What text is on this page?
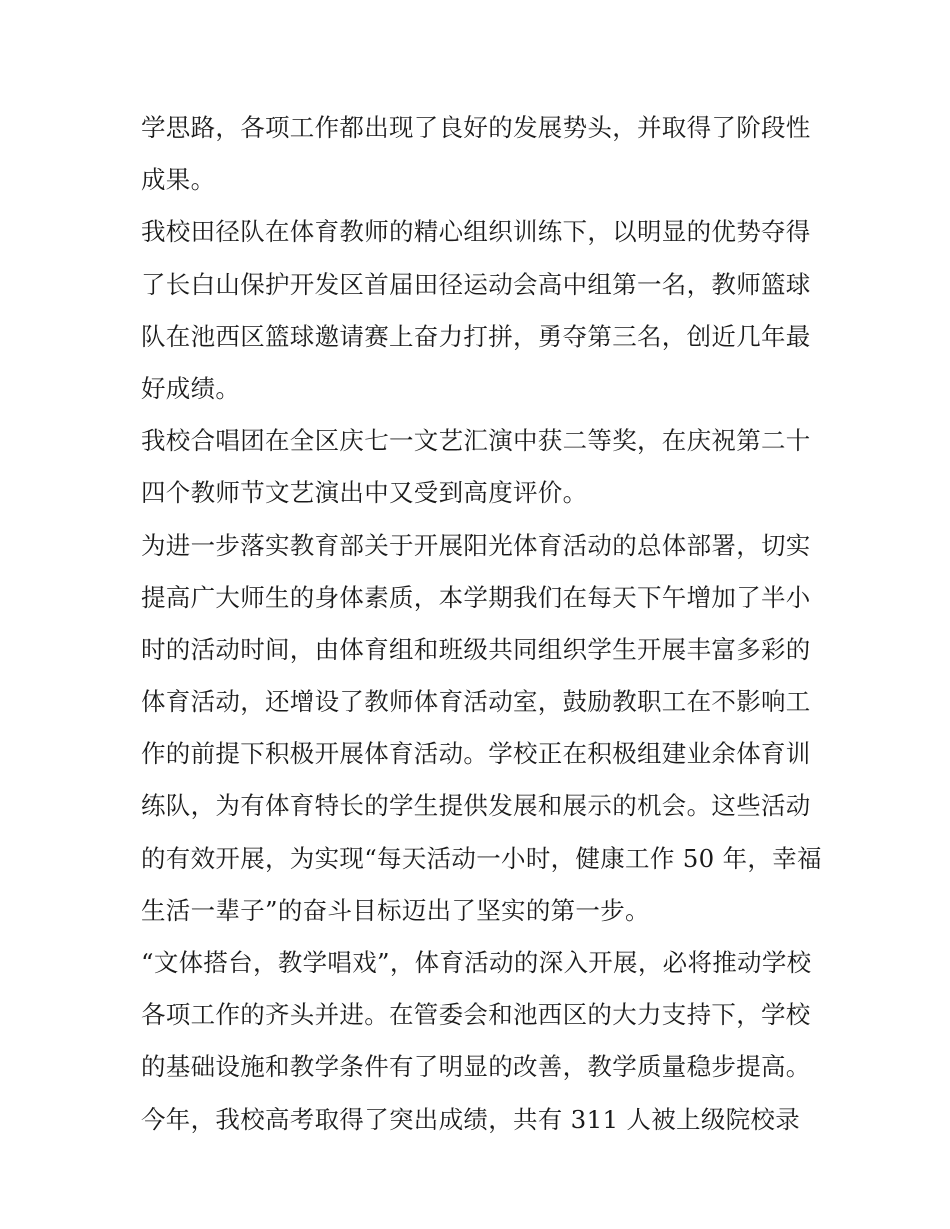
学思路，各项工作都出现了良好的发展势头，并取得了阶段性
成果。
我校田径队在体育教师的精心组织训练下，以明显的优势夺得
了长白山保护开发区首届田径运动会高中组第一名，教师篮球
队在池西区篮球邀请赛上奋力打拼，勇夺第三名，创近几年最
好成绩。
我校合唱团在全区庆七一文艺汇演中获二等奖，在庆祝第二十
四个教师节文艺演出中又受到高度评价。
为进一步落实教育部关于开展阳光体育活动的总体部署，切实
提高广大师生的身体素质，本学期我们在每天下午增加了半小
时的活动时间，由体育组和班级共同组织学生开展丰富多彩的
体育活动，还增设了教师体育活动室，鼓励教职工在不影响工
作的前提下积极开展体育活动。学校正在积极组建业余体育训
练队，为有体育特长的学生提供发展和展示的机会。这些活动
的有效开展，为实现“每天活动一小时，健康工作 50 年，幸福
生活一辈子”的奋斗目标迈出了坚实的第一步。
“文体搭台，教学唱戏”，体育活动的深入开展，必将推动学校
各项工作的齐头并进。在管委会和池西区的大力支持下，学校
的基础设施和教学条件有了明显的改善，教学质量稳步提高。
今年，我校高考取得了突出成绩，共有 311 人被上级院校录
